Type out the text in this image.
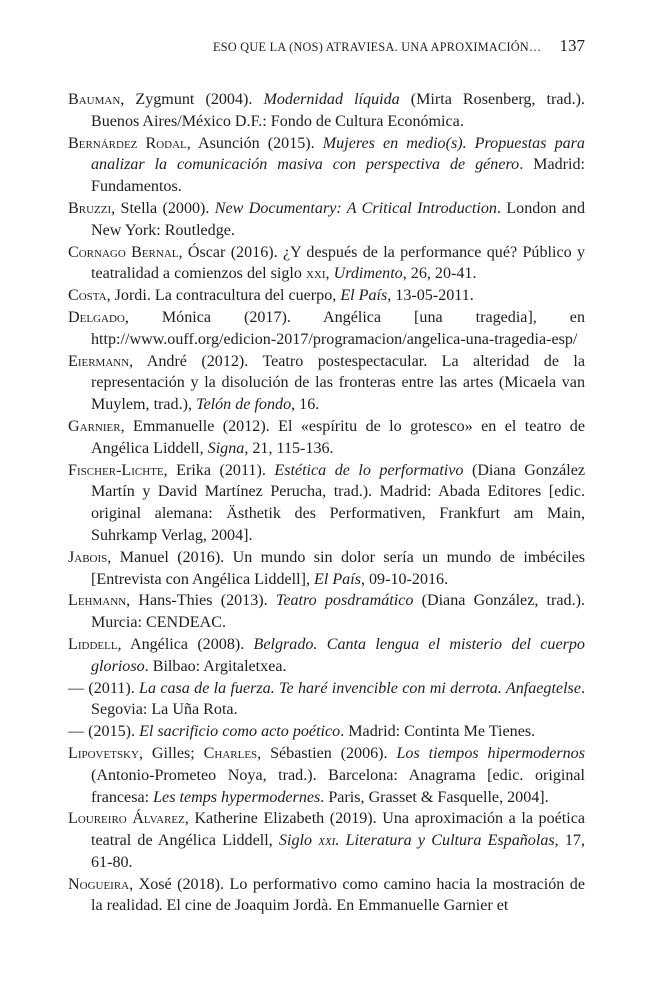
ESO QUE LA (NOS) ATRAVIESA. UNA APROXIMACIÓN… 137
Bauman, Zygmunt (2004). Modernidad líquida (Mirta Rosenberg, trad.). Buenos Aires/México D.F.: Fondo de Cultura Económica.
Bernárdez Rodal, Asunción (2015). Mujeres en medio(s). Propuestas para analizar la comunicación masiva con perspectiva de género. Madrid: Fundamentos.
Bruzzi, Stella (2000). New Documentary: A Critical Introduction. London and New York: Routledge.
Cornago Bernal, Óscar (2016). ¿Y después de la performance qué? Público y teatralidad a comienzos del siglo xxi, Urdimento, 26, 20-41.
Costa, Jordi. La contracultura del cuerpo, El País, 13-05-2011.
Delgado, Mónica (2017). Angélica [una tragedia], en http://www.ouff.org/edicion-2017/programacion/angelica-una-tragedia-esp/
Eiermann, André (2012). Teatro postespectacular. La alteridad de la representación y la disolución de las fronteras entre las artes (Micaela van Muylem, trad.), Telón de fondo, 16.
Garnier, Emmanuelle (2012). El «espíritu de lo grotesco» en el teatro de Angélica Liddell, Signa, 21, 115-136.
Fischer-Lichte, Erika (2011). Estética de lo performativo (Diana González Martín y David Martínez Perucha, trad.). Madrid: Abada Editores [edic. original alemana: Ästhetik des Performativen, Frankfurt am Main, Suhrkamp Verlag, 2004].
Jabois, Manuel (2016). Un mundo sin dolor sería un mundo de imbéciles [Entrevista con Angélica Liddell], El País, 09-10-2016.
Lehmann, Hans-Thies (2013). Teatro posdramático (Diana González, trad.). Murcia: CENDEAC.
Liddell, Angélica (2008). Belgrado. Canta lengua el misterio del cuerpo glorioso. Bilbao: Argitaletxea.
— (2011). La casa de la fuerza. Te haré invencible con mi derrota. Anfaegtelse. Segovia: La Uña Rota.
— (2015). El sacrificio como acto poético. Madrid: Continta Me Tienes.
Lipovetsky, Gilles; Charles, Sébastien (2006). Los tiempos hipermodernos (Antonio-Prometeo Noya, trad.). Barcelona: Anagrama [edic. original francesa: Les temps hypermodernes. Paris, Grasset & Fasquelle, 2004].
Loureiro Álvarez, Katherine Elizabeth (2019). Una aproximación a la poética teatral de Angélica Liddell, Siglo xxi. Literatura y Cultura Españolas, 17, 61-80.
Nogueira, Xosé (2018). Lo performativo como camino hacia la mostración de la realidad. El cine de Joaquim Jordà. En Emmanuelle Garnier et
